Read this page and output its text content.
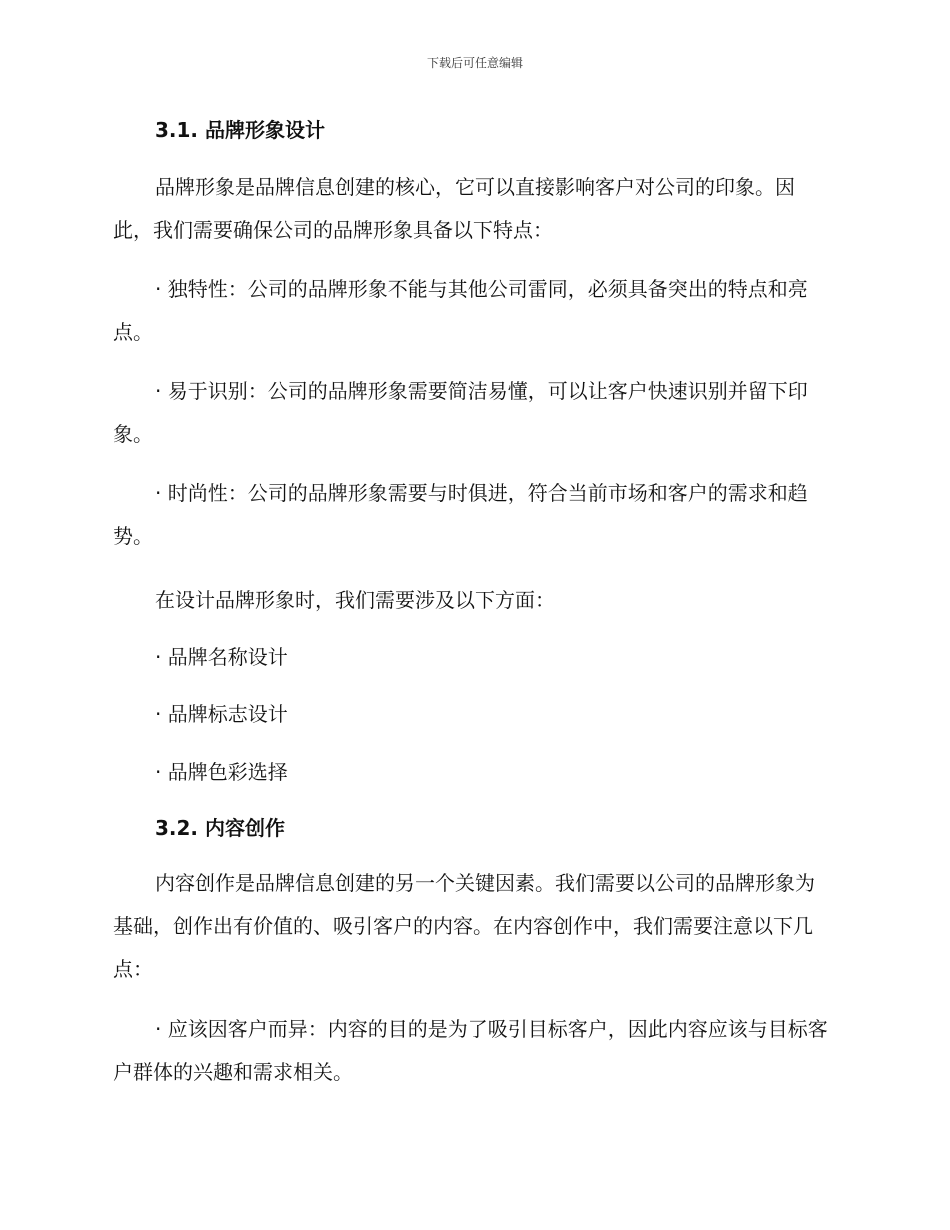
下载后可任意编辑
3.1. 品牌形象设计
品牌形象是品牌信息创建的核心，它可以直接影响客户对公司的印象。因此，我们需要确保公司的品牌形象具备以下特点：
· 独特性：公司的品牌形象不能与其他公司雷同，必须具备突出的特点和亮点。
· 易于识别：公司的品牌形象需要简洁易懂，可以让客户快速识别并留下印象。
· 时尚性：公司的品牌形象需要与时俱进，符合当前市场和客户的需求和趋势。
在设计品牌形象时，我们需要涉及以下方面：
· 品牌名称设计
· 品牌标志设计
· 品牌色彩选择
3.2. 内容创作
内容创作是品牌信息创建的另一个关键因素。我们需要以公司的品牌形象为基础，创作出有价值的、吸引客户的内容。在内容创作中，我们需要注意以下几点：
· 应该因客户而异：内容的目的是为了吸引目标客户，因此内容应该与目标客户群体的兴趣和需求相关。
